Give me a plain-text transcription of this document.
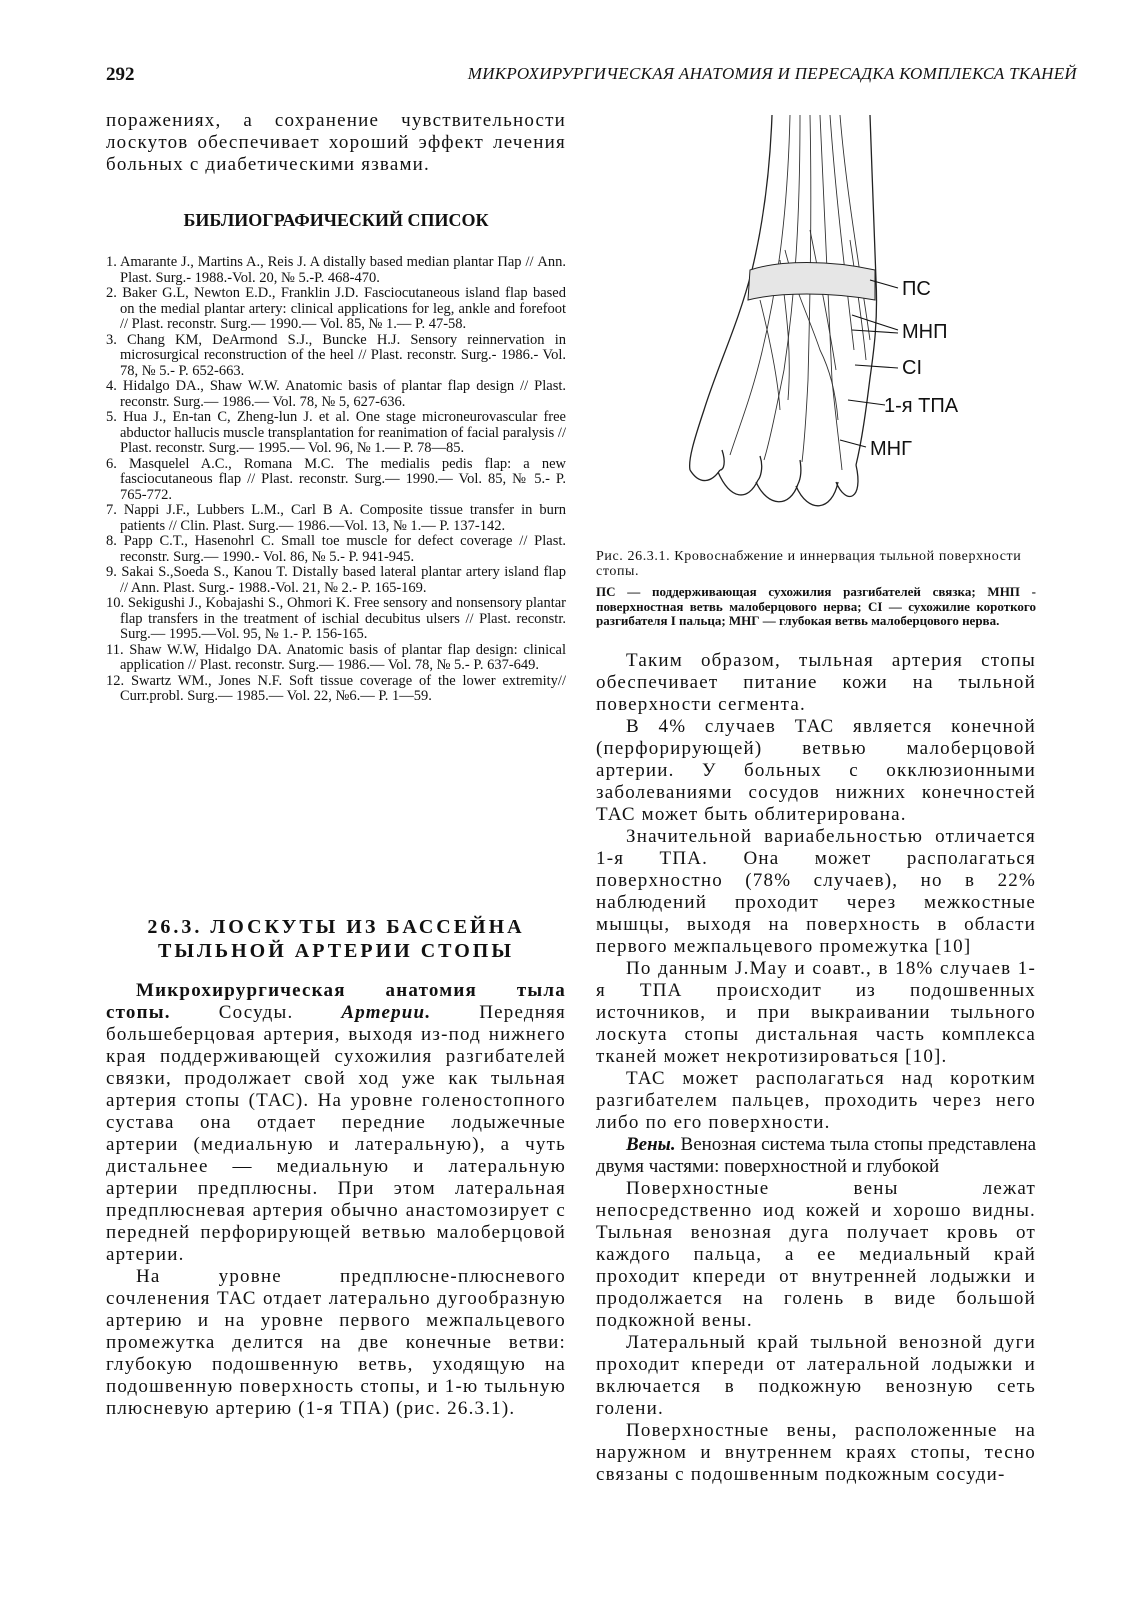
292	МИКРОХИРУРГИЧЕСКАЯ АНАТОМИЯ И ПЕРЕСАДКА КОМПЛЕКСА ТКАНЕЙ

поражениях, а сохранение чувствительности лоскутов обеспечивает хороший эффект лечения больных с диабетическими язвами.

БИБЛИОГРАФИЧЕСКИЙ СПИСОК
1. Amarante J., Martins A., Reis J. A distally based median plantar Пар // Ann. Plast. Surg.- 1988.-Vol. 20, № 5.-P. 468-470.
2. Baker G.L, Newton E.D., Franklin J.D. Fasciocutaneous island flap based on the medial plantar artery: clinical applications for leg, ankle and forefoot // Plast. reconstr. Surg.— 1990.— Vol. 85, № 1.— P. 47-58.
3. Chang KM, DeArmond S.J., Buncke H.J. Sensory reinnervation in microsurgical reconstruction of the heel // Plast. reconstr. Surg.- 1986.- Vol. 78, № 5.- P. 652-663.
4. Hidalgo DA., Shaw W.W. Anatomic basis of plantar flap design // Plast. reconstr. Surg.— 1986.— Vol. 78, № 5, 627-636.
5. Hua J., En-tan C, Zheng-lun J. et al. One stage microneurovascular free abductor hallucis muscle transplantation for reanimation of facial paralysis // Plast. reconstr. Surg.— 1995.— Vol. 96, № 1.— P. 78—85.
6. Masquelel A.C., Romana M.C. The medialis pedis flap: a new fasciocutaneous flap // Plast. reconstr. Surg.— 1990.— Vol. 85, № 5.- P. 765-772.
7. Nappi J.F., Lubbers L.M., Carl B A. Composite tissue transfer in burn patients // Clin. Plast. Surg.— 1986.—Vol. 13, № 1.— P. 137-142.
8. Papp C.T., Hasenohrl C. Small toe muscle for defect coverage // Plast. reconstr. Surg.— 1990.- Vol. 86, № 5.- P. 941-945.
9. Sakai S.,Soeda S., Kanou T. Distally based lateral plantar artery island flap // Ann. Plast. Surg.- 1988.-Vol. 21, № 2.- P. 165-169.
10. Sekigushi J., Kobajashi S., Ohmori K. Free sensory and nonsensory plantar flap transfers in the treatment of ischial decubitus ulsers // Plast. reconstr. Surg.— 1995.—Vol. 95, № 1.- P. 156-165.
11. Shaw W.W, Hidalgo DA. Anatomic basis of plantar flap design: clinical application // Plast. reconstr. Surg.— 1986.— Vol. 78, № 5.- P. 637-649.
12. Swartz WM., Jones N.F. Soft tissue coverage of the lower extremity// Curr.probl. Surg.— 1985.— Vol. 22, №6.— P. 1—59.
26.3. ЛОСКУТЫ ИЗ БАССЕЙНА ТЫЛЬНОЙ АРТЕРИИ СТОПЫ

Микрохирургическая анатомия тыла стопы.	Сосуды.	Артерии.	Передняя большеберцовая артерия, выходя из-под нижнего края поддерживающей сухожилия разгибателей связки, продолжает свой ход уже как тыльная артерия стопы (ТАС). На уровне голеностопного сустава она отдает передние лодыжечные артерии (медиальную и латеральную), а чуть дистальнее — медиальную и латеральную артерии предплюсны. При этом латеральная предплюсневая артерия обычно анастомозирует с передней перфорирующей ветвью малоберцовой артерии.

На уровне предплюсне-плюсневого сочленения ТАС отдает латерально дугообразную артерию и на уровне первого межпальцевого промежутка делится на две конечные ветви: глубокую подошвенную ветвь, уходящую на подошвенную поверхность стопы, и 1-ю тыльную плюсневую артерию (1-я ТПА) (рис. 26.3.1).

ПС
МНП
CI
1-я ТПА
МНГ

Рис. 26.3.1. Кровоснабжение и иннервация тыльной поверхности стопы.

ПС — поддерживающая сухожилия разгибателей связка; МНП - поверхностная ветвь малоберцового нерва; CI — сухожилие короткого разгибателя I пальца; МНГ — глубокая ветвь малоберцового нерва.

Таким образом, тыльная артерия стопы обеспечивает питание кожи на тыльной поверхности сегмента.

В 4% случаев ТАС является конечной (перфорирующей) ветвью малоберцовой артерии. У больных с окклюзионными заболеваниями сосудов нижних конечностей ТАС может быть облитерирована.

Значительной вариабельностью отличается 1-я ТПА. Она может располагаться поверхностно (78% случаев), но в 22% наблюдений проходит через межкостные мышцы, выходя на поверхность в области первого межпальцевого промежутка [10]

По данным J.May и соавт., в 18% случаев 1-я ТПА происходит из подошвенных источников, и при выкраивании тыльного лоскута стопы дистальная часть комплекса тканей может некротизироваться [10].

ТАС может располагаться над коротким разгибателем пальцев, проходить через него либо по его поверхности.

Вены. Венозная система тыла стопы представлена двумя частями: поверхностной и глубокой

Поверхностные вены лежат непосредственно иод кожей и хорошо видны. Тыльная венозная дуга получает кровь от каждого пальца, а ее медиальный край проходит кпереди от внутренней лодыжки и продолжается на голень в виде большой подкожной вены.

Латеральный край тыльной венозной дуги проходит кпереди от латеральной лодыжки и включается в подкожную венозную сеть голени.

Поверхностные вены, расположенные на наружном и внутреннем краях стопы, тесно связаны с подошвенным подкожным сосуди-
